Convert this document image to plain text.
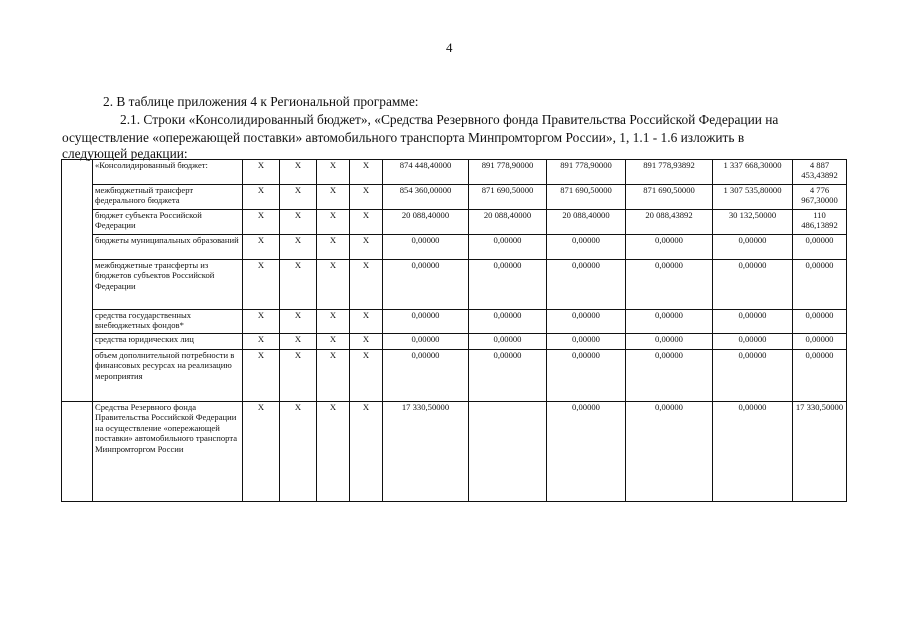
4
2. В таблице приложения 4 к Региональной программе:
2.1. Строки «Консолидированный бюджет», «Средства Резервного фонда Правительства Российской Федерации на
осуществление «опережающей поставки» автомобильного транспорта Минпромторгом России», 1, 1.1 - 1.6 изложить в
следующей редакции:
	«Консолидированный бюджет:	X	X	X	X	874 448,40000	891 778,90000	891 778,90000	891 778,93892	1 337 668,30000	4 887 453,43892
	межбюджетный трансферт федерального бюджета	X	X	X	X	854 360,00000	871 690,50000	871 690,50000	871 690,50000	1 307 535,80000	4 776 967,30000
	бюджет субъекта Российской Федерации	X	X	X	X	20 088,40000	20 088,40000	20 088,40000	20 088,43892	30 132,50000	110 486,13892
	бюджеты муниципальных образований	X	X	X	X	0,00000	0,00000	0,00000	0,00000	0,00000	0,00000
	межбюджетные трансферты из бюджетов субъектов Российской Федерации	X	X	X	X	0,00000	0,00000	0,00000	0,00000	0,00000	0,00000
	средства государственных внебюджетных фондов*	X	X	X	X	0,00000	0,00000	0,00000	0,00000	0,00000	0,00000
	средства юридических лиц	X	X	X	X	0,00000	0,00000	0,00000	0,00000	0,00000	0,00000
	объем дополнительной потребности в финансовых ресурсах на реализацию мероприятия	X	X	X	X	0,00000	0,00000	0,00000	0,00000	0,00000	0,00000
	Средства Резервного фонда Правительства Российской Федерации на осуществление «опережающей поставки» автомобильного транспорта Минпромторгом России	X	X	X	X	17 330,50000		0,00000	0,00000	0,00000	17 330,50000
